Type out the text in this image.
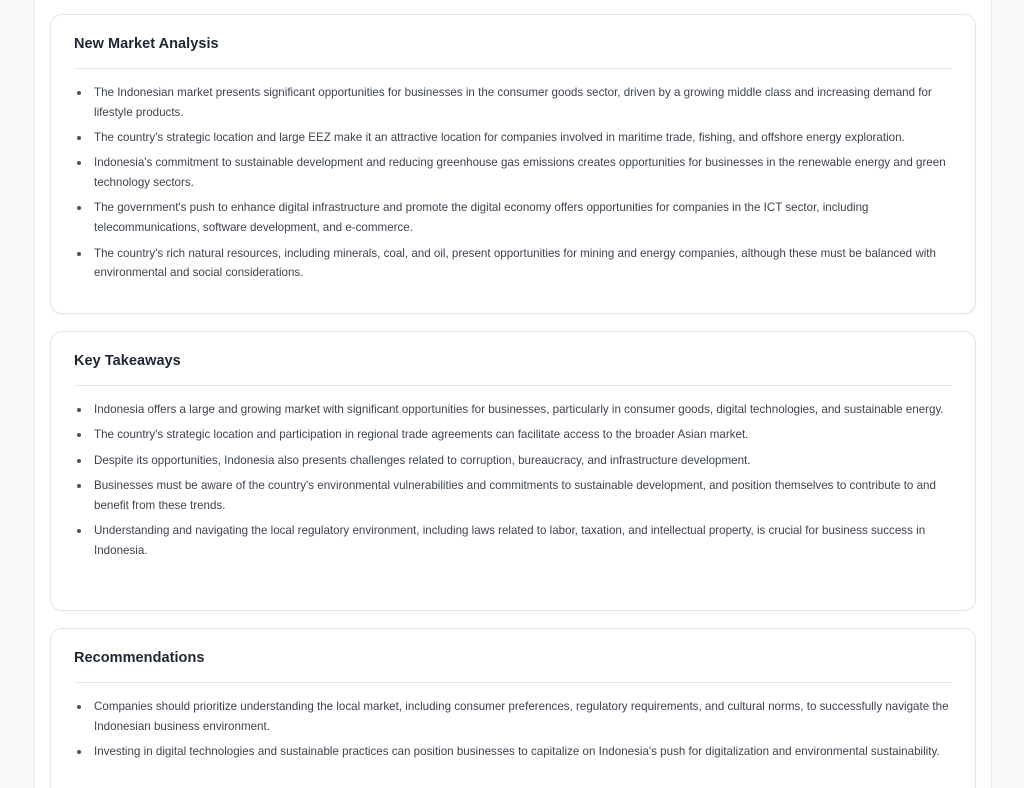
New Market Analysis
The Indonesian market presents significant opportunities for businesses in the consumer goods sector, driven by a growing middle class and increasing demand for lifestyle products.
The country's strategic location and large EEZ make it an attractive location for companies involved in maritime trade, fishing, and offshore energy exploration.
Indonesia's commitment to sustainable development and reducing greenhouse gas emissions creates opportunities for businesses in the renewable energy and green technology sectors.
The government's push to enhance digital infrastructure and promote the digital economy offers opportunities for companies in the ICT sector, including telecommunications, software development, and e-commerce.
The country's rich natural resources, including minerals, coal, and oil, present opportunities for mining and energy companies, although these must be balanced with environmental and social considerations.
Key Takeaways
Indonesia offers a large and growing market with significant opportunities for businesses, particularly in consumer goods, digital technologies, and sustainable energy.
The country's strategic location and participation in regional trade agreements can facilitate access to the broader Asian market.
Despite its opportunities, Indonesia also presents challenges related to corruption, bureaucracy, and infrastructure development.
Businesses must be aware of the country's environmental vulnerabilities and commitments to sustainable development, and position themselves to contribute to and benefit from these trends.
Understanding and navigating the local regulatory environment, including laws related to labor, taxation, and intellectual property, is crucial for business success in Indonesia.
Recommendations
Companies should prioritize understanding the local market, including consumer preferences, regulatory requirements, and cultural norms, to successfully navigate the Indonesian business environment.
Investing in digital technologies and sustainable practices can position businesses to capitalize on Indonesia's push for digitalization and environmental sustainability.
